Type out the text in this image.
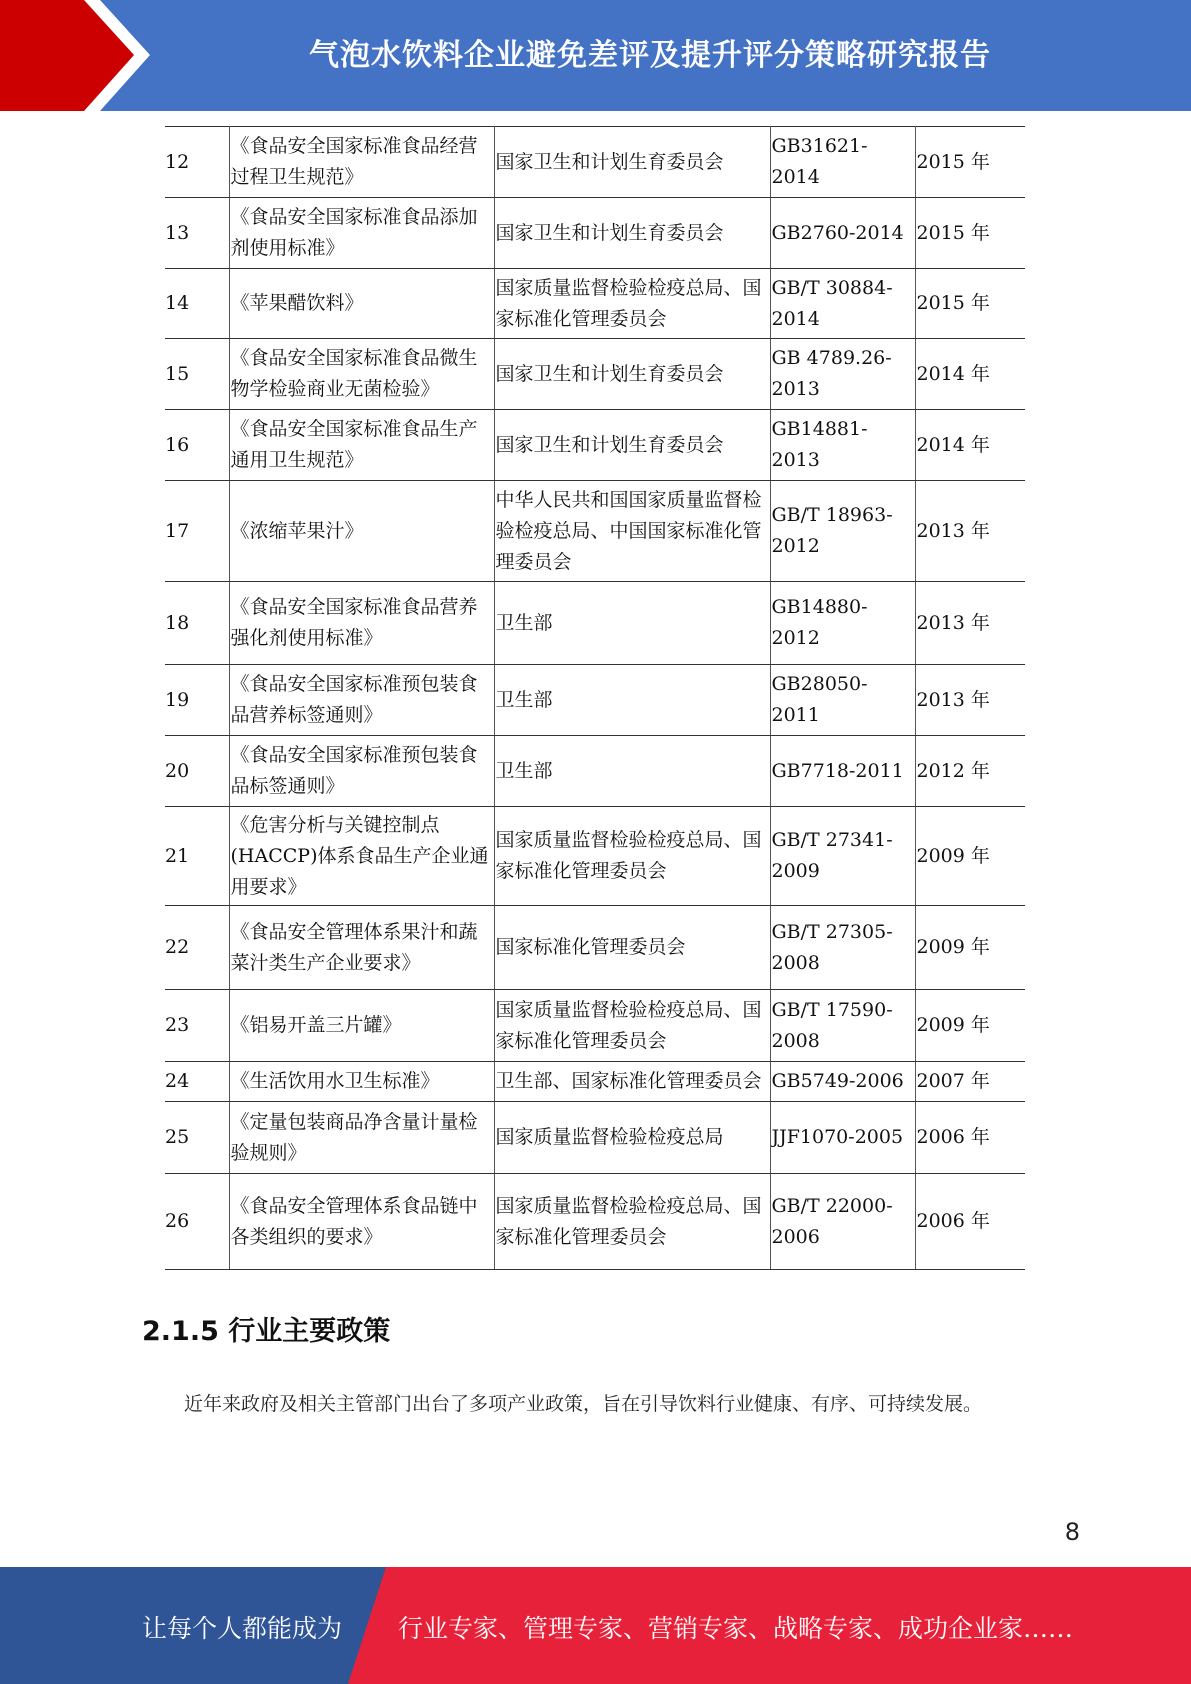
气泡水饮料企业避免差评及提升评分策略研究报告
12	《食品安全国家标准食品经营过程卫生规范》	国家卫生和计划生育委员会	GB31621-2014	2015 年
13	《食品安全国家标准食品添加剂使用标准》	国家卫生和计划生育委员会	GB2760-2014	2015 年
14	《苹果醋饮料》	国家质量监督检验检疫总局、国家标准化管理委员会	GB/T 30884-2014	2015 年
15	《食品安全国家标准食品微生物学检验商业无菌检验》	国家卫生和计划生育委员会	GB 4789.26-2013	2014 年
16	《食品安全国家标准食品生产通用卫生规范》	国家卫生和计划生育委员会	GB14881-2013	2014 年
17	《浓缩苹果汁》	中华人民共和国国家质量监督检验检疫总局、中国国家标准化管理委员会	GB/T 18963-2012	2013 年
18	《食品安全国家标准食品营养强化剂使用标准》	卫生部	GB14880-2012	2013 年
19	《食品安全国家标准预包装食品营养标签通则》	卫生部	GB28050-2011	2013 年
20	《食品安全国家标准预包装食品标签通则》	卫生部	GB7718-2011	2012 年
21	《危害分析与关键控制点(HACCP)体系食品生产企业通用要求》	国家质量监督检验检疫总局、国家标准化管理委员会	GB/T 27341-2009	2009 年
22	《食品安全管理体系果汁和蔬菜汁类生产企业要求》	国家标准化管理委员会	GB/T 27305-2008	2009 年
23	《铝易开盖三片罐》	国家质量监督检验检疫总局、国家标准化管理委员会	GB/T 17590-2008	2009 年
24	《生活饮用水卫生标准》	卫生部、国家标准化管理委员会	GB5749-2006	2007 年
25	《定量包装商品净含量计量检验规则》	国家质量监督检验检疫总局	JJF1070-2005	2006 年
26	《食品安全管理体系食品链中各类组织的要求》	国家质量监督检验检疫总局、国家标准化管理委员会	GB/T 22000-2006	2006 年
2.1.5 行业主要政策
近年来政府及相关主管部门出台了多项产业政策，旨在引导饮料行业健康、有序、可持续发展。
8
让每个人都能成为 行业专家、管理专家、营销专家、战略专家、成功企业家……
